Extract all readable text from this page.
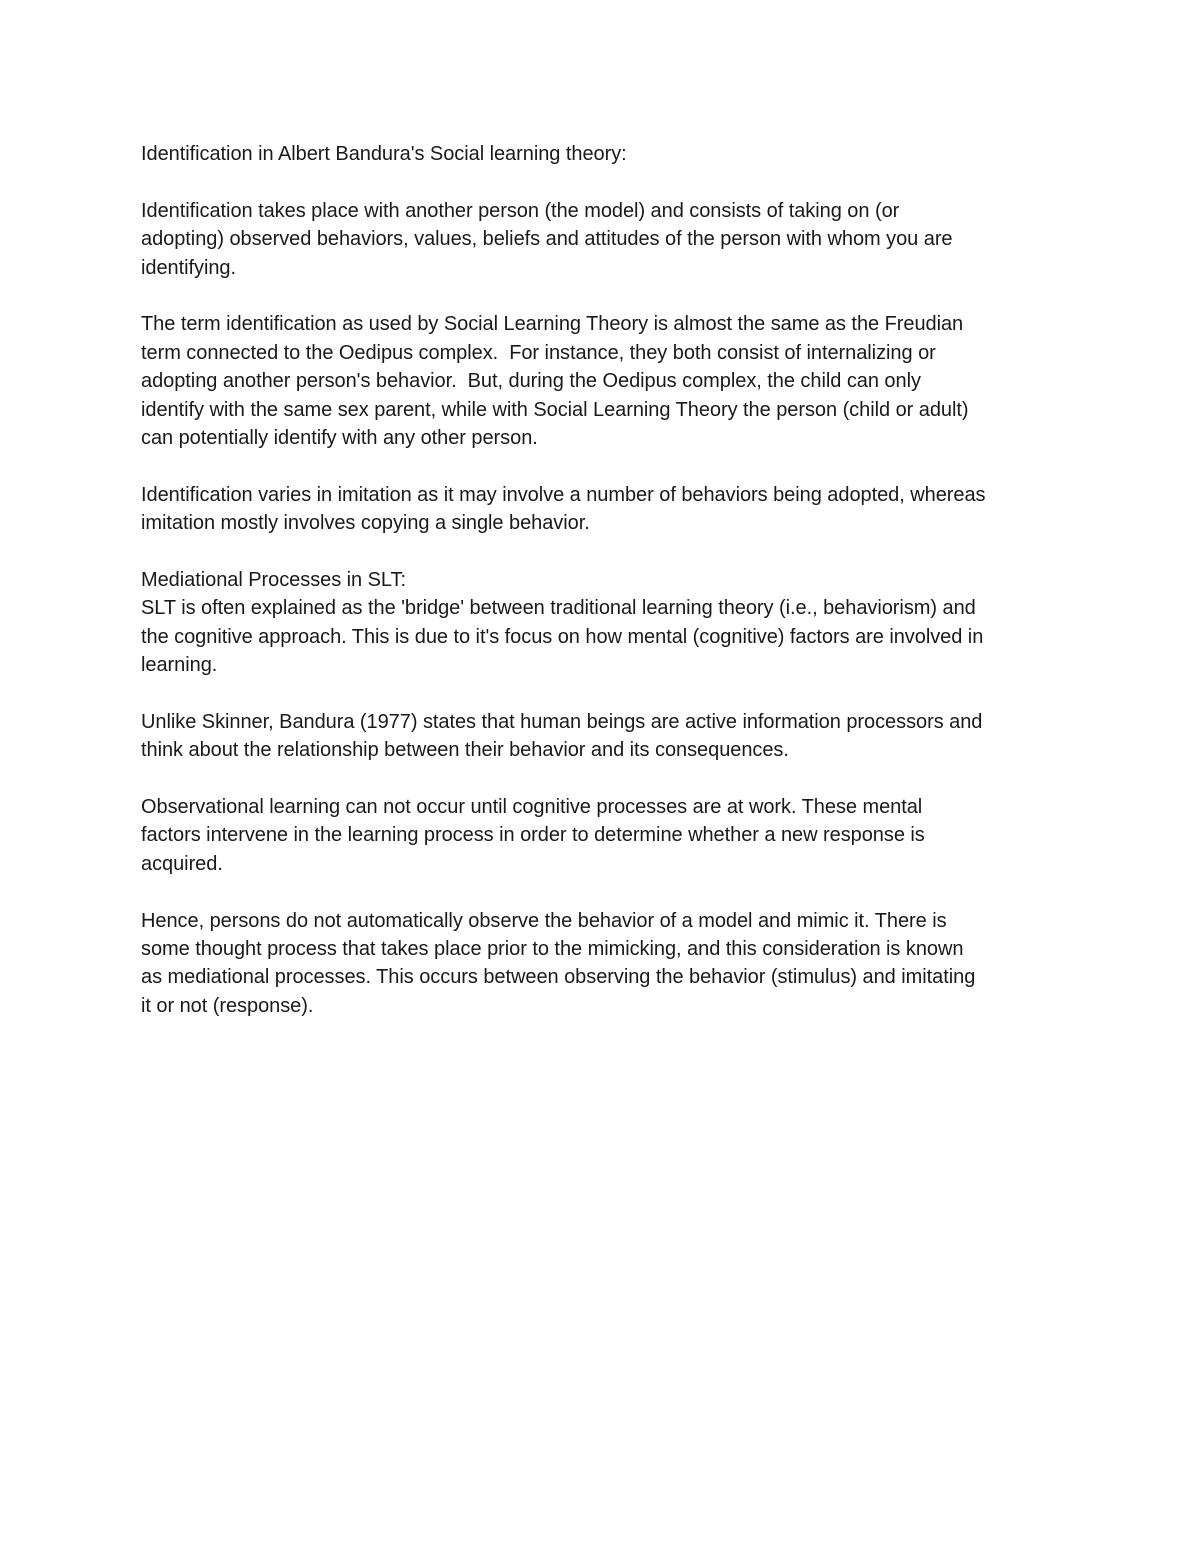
Identification in Albert Bandura's Social learning theory:
Identification takes place with another person (the model) and consists of taking on (or
adopting) observed behaviors, values, beliefs and attitudes of the person with whom you are
identifying.
The term identification as used by Social Learning Theory is almost the same as the Freudian
term connected to the Oedipus complex.  For instance, they both consist of internalizing or
adopting another person's behavior.  But, during the Oedipus complex, the child can only
identify with the same sex parent, while with Social Learning Theory the person (child or adult)
can potentially identify with any other person.
Identification varies in imitation as it may involve a number of behaviors being adopted, whereas
imitation mostly involves copying a single behavior.
Mediational Processes in SLT:
SLT is often explained as the 'bridge' between traditional learning theory (i.e., behaviorism) and
the cognitive approach. This is due to it's focus on how mental (cognitive) factors are involved in
learning.
Unlike Skinner, Bandura (1977) states that human beings are active information processors and
think about the relationship between their behavior and its consequences.
Observational learning can not occur until cognitive processes are at work. These mental
factors intervene in the learning process in order to determine whether a new response is
acquired.
Hence, persons do not automatically observe the behavior of a model and mimic it. There is
some thought process that takes place prior to the mimicking, and this consideration is known
as mediational processes. This occurs between observing the behavior (stimulus) and imitating
it or not (response).
